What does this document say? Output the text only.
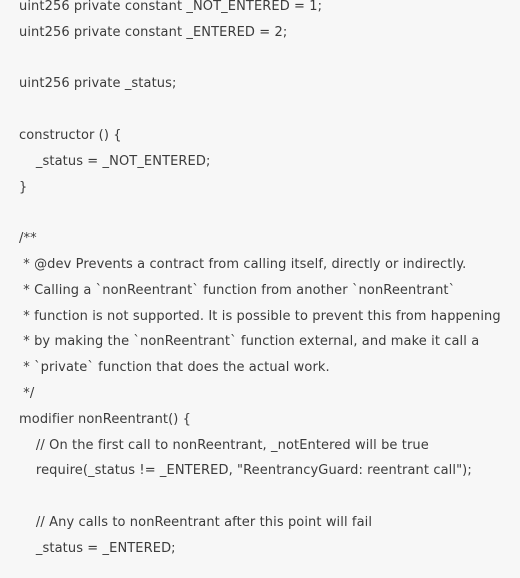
uint256 private constant _NOT_ENTERED = 1;
uint256 private constant _ENTERED = 2;
uint256 private _status;
constructor () {
_status = _NOT_ENTERED;
}
/**
* @dev Prevents a contract from calling itself, directly or indirectly.
* Calling a `nonReentrant` function from another `nonReentrant`
* function is not supported. It is possible to prevent this from happening
* by making the `nonReentrant` function external, and make it call a
* `private` function that does the actual work.
*/
modifier nonReentrant() {
// On the first call to nonReentrant, _notEntered will be true
require(_status != _ENTERED, "ReentrancyGuard: reentrant call");
// Any calls to nonReentrant after this point will fail
_status = _ENTERED;
